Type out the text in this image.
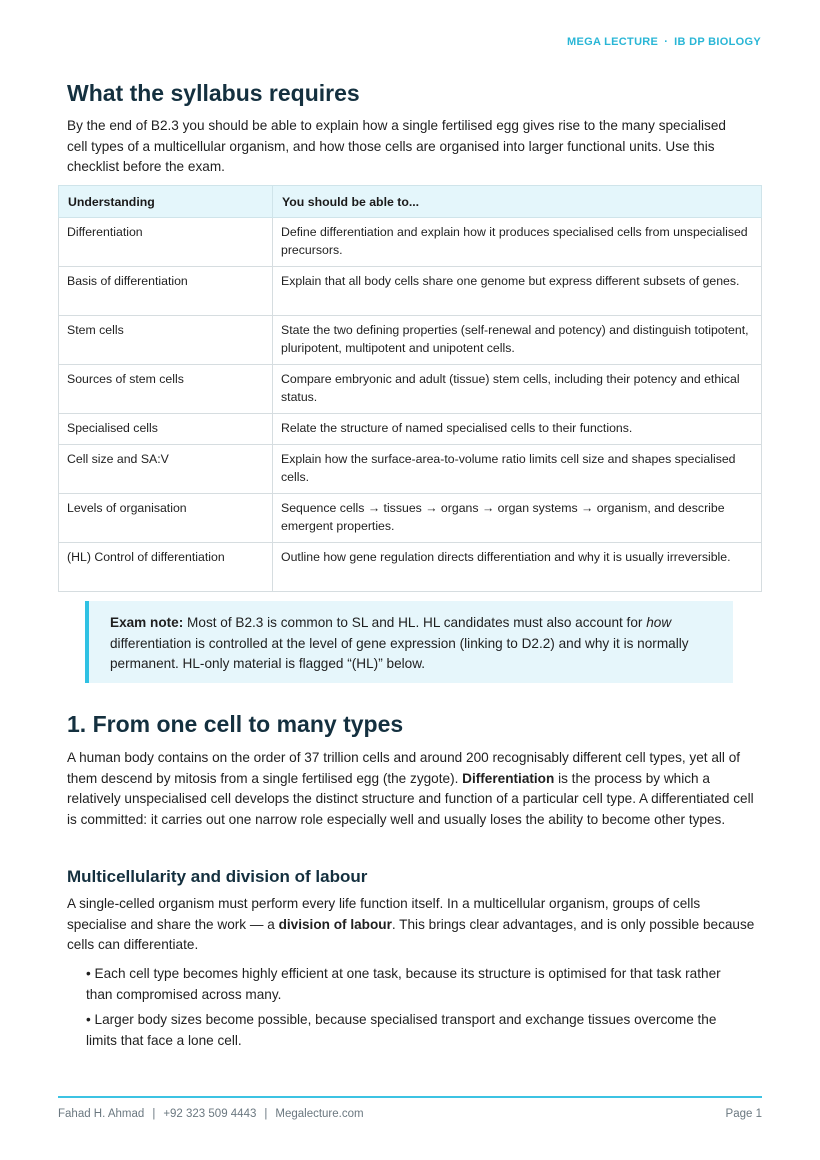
MEGA LECTURE · IB DP BIOLOGY
What the syllabus requires

By the end of B2.3 you should be able to explain how a single fertilised egg gives rise to the many specialised cell types of a multicellular organism, and how those cells are organised into larger functional units. Use this checklist before the exam.

Understanding	You should be able to...
Differentiation	Define differentiation and explain how it produces specialised cells from unspecialised precursors.
Basis of differentiation	Explain that all body cells share one genome but express different subsets of genes.
Stem cells	State the two defining properties (self-renewal and potency) and distinguish totipotent, pluripotent, multipotent and unipotent cells.
Sources of stem cells	Compare embryonic and adult (tissue) stem cells, including their potency and ethical status.
Specialised cells	Relate the structure of named specialised cells to their functions.
Cell size and SA:V	Explain how the surface-area-to-volume ratio limits cell size and shapes specialised cells.
Levels of organisation	Sequence cells → tissues → organs → organ systems → organism, and describe emergent properties.
(HL) Control of differentiation	Outline how gene regulation directs differentiation and why it is usually irreversible.
Exam note: Most of B2.3 is common to SL and HL. HL candidates must also account for how differentiation is controlled at the level of gene expression (linking to D2.2) and why it is normally permanent. HL-only material is flagged “(HL)” below.
1. From one cell to many types

A human body contains on the order of 37 trillion cells and around 200 recognisably different cell types, yet all of them descend by mitosis from a single fertilised egg (the zygote). Differentiation is the process by which a relatively unspecialised cell develops the distinct structure and function of a particular cell type. A differentiated cell is committed: it carries out one narrow role especially well and usually loses the ability to become other types.

Multicellularity and division of labour

A single-celled organism must perform every life function itself. In a multicellular organism, groups of cells specialise and share the work — a division of labour. This brings clear advantages, and is only possible because cells can differentiate.

• Each cell type becomes highly efficient at one task, because its structure is optimised for that task rather than compromised across many.
• Larger body sizes become possible, because specialised transport and exchange tissues overcome the limits that face a lone cell.
Fahad H. Ahmad | +92 323 509 4443 | Megalecture.com	Page 1
